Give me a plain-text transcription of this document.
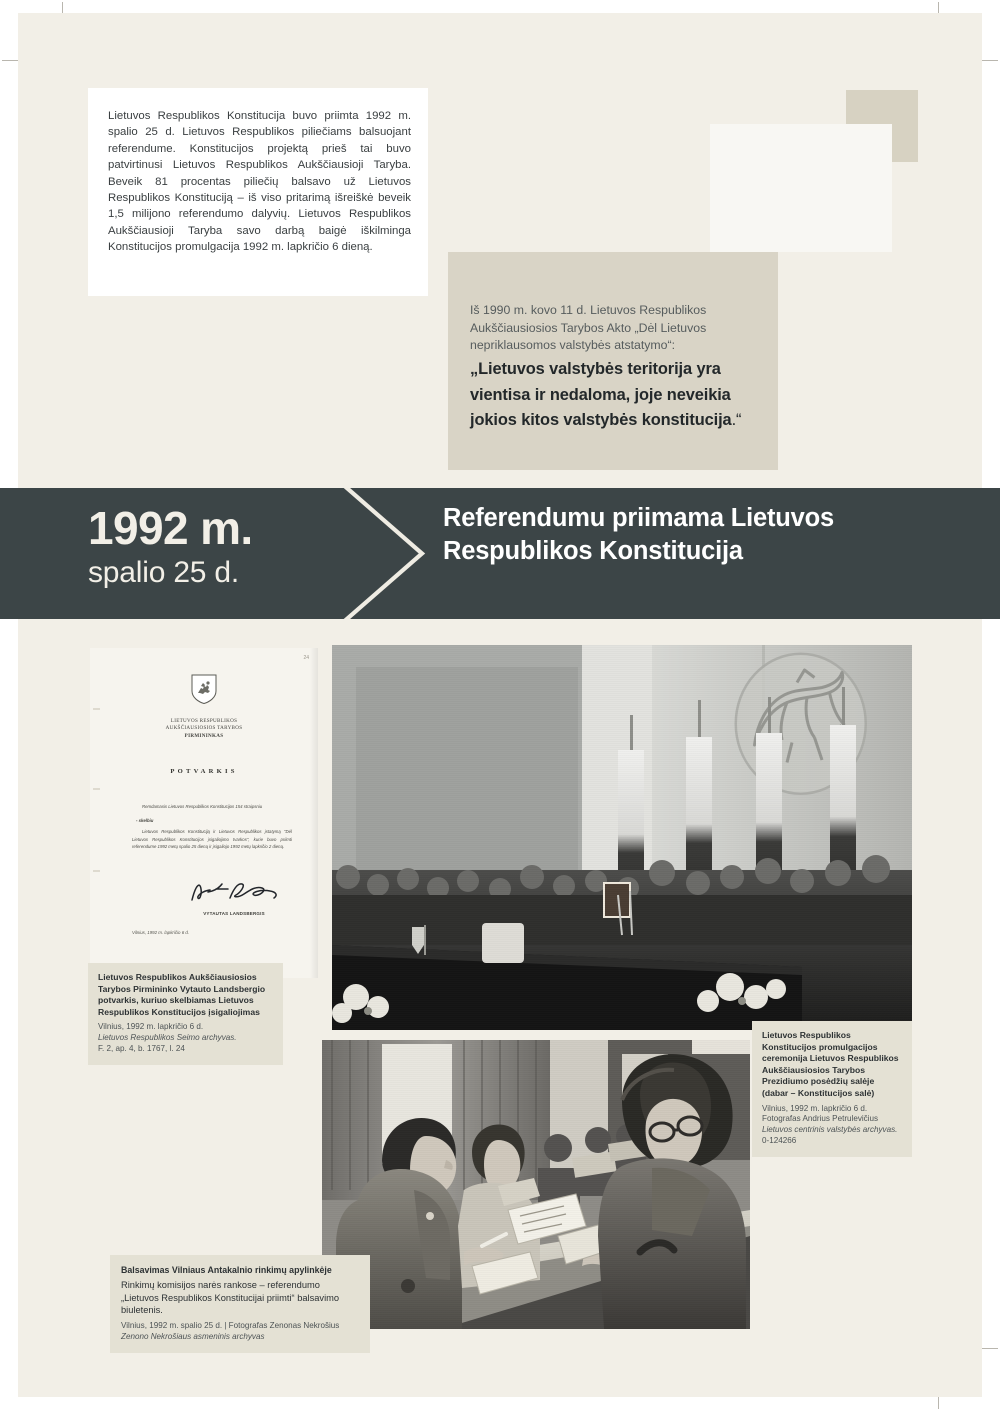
Lietuvos Respublikos Konstitucija buvo priimta 1992 m. spalio 25 d. Lietuvos Respublikos piliečiams balsuojant referendume. Konstitucijos projektą prieš tai buvo patvirtinusi Lietuvos Respublikos Aukščiausioji Taryba. Beveik 81 procentas piliečių balsavo už Lietuvos Respublikos Konstituciją – iš viso pritarimą išreiškė beveik 1,5 milijono referendumo dalyvių. Lietuvos Respublikos Aukščiausioji Taryba savo darbą baigė iškilminga Konstitucijos promulgacija 1992 m. lapkričio 6 dieną.
Iš 1990 m. kovo 11 d. Lietuvos Respublikos Aukščiausiosios Tarybos Akto „Dėl Lietuvos nepriklausomos valstybės atstatymo“:
„Lietuvos valstybės teritorija yra vientisa ir nedaloma, joje neveikia jokios kitos valstybės konstitucija.“
1992 m.
spalio 25 d.
Referendumu priimama Lietuvos Respublikos Konstitucija
24
LIETUVOS RESPUBLIKOS
AUKŠČIAUSIOSIOS TARYBOS
PIRMININKAS
POTVARKIS
Remdamasis Lietuvos Respublikos Konstitucijos 154 straipsniu
- skelbiu
Lietuvos Respublikos Konstituciją ir Lietuvos Respublikos įstatymą "Dėl Lietuvos Respublikos Konstitucijos įsigaliojimo tvarkos", kurie buvo priimti referendume 1992 metų spalio 25 dieną ir įsigaliojo 1992 metų lapkričio 2 dieną.
VYTAUTAS LANDSBERGIS
Vilnius, 1992 m. lapkričio 6 d.
Lietuvos Respublikos Aukščiausiosios Tarybos Pirmininko Vytauto Landsbergio potvarkis, kuriuo skelbiamas Lietuvos Respublikos Konstitucijos įsigaliojimas
Vilnius, 1992 m. lapkričio 6 d.
Lietuvos Respublikos Seimo archyvas.
F. 2, ap. 4, b. 1767, l. 24
Lietuvos Respublikos Konstitucijos promulgacijos ceremonija Lietuvos Respublikos Aukščiausiosios Tarybos Prezidiumo posėdžių salėje (dabar – Konstitucijos salė)
Vilnius, 1992 m. lapkričio 6 d.
Fotografas Andrius Petrulevičius
Lietuvos centrinis valstybės archyvas.
0-124266
Balsavimas Vilniaus Antakalnio rinkimų apylinkėje
Rinkimų komisijos narės rankose – referendumo „Lietuvos Respublikos Konstitucijai priimti“ balsavimo biuletenis.
Vilnius, 1992 m. spalio 25 d. | Fotografas Zenonas Nekrošius
Zenono Nekrošiaus asmeninis archyvas
